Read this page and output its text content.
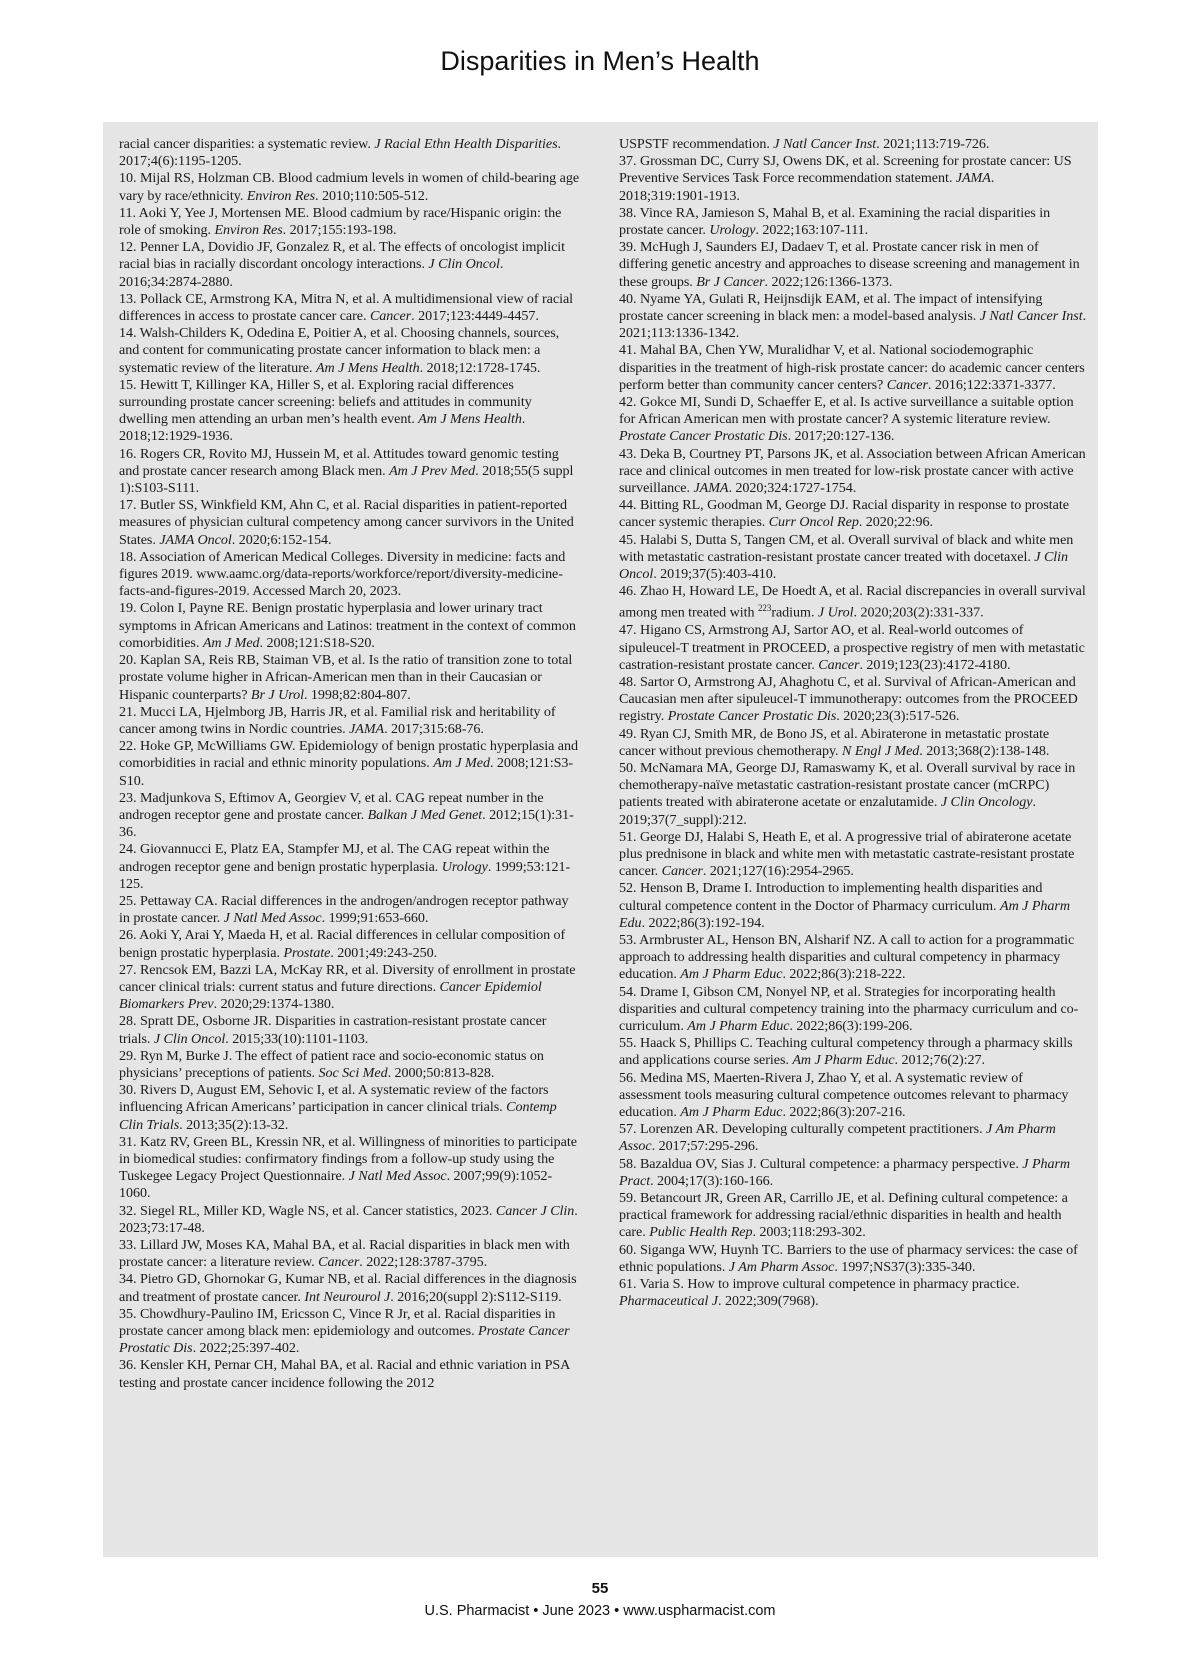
Disparities in Men’s Health

racial cancer disparities: a systematic review. J Racial Ethn Health Disparities. 2017;4(6):1195-1205.

10. Mijal RS, Holzman CB. Blood cadmium levels in women of child-bearing age vary by race/ethnicity. Environ Res. 2010;110:505-512.

11. Aoki Y, Yee J, Mortensen ME. Blood cadmium by race/Hispanic origin: the role of smoking. Environ Res. 2017;155:193-198.

12. Penner LA, Dovidio JF, Gonzalez R, et al. The effects of oncologist implicit racial bias in racially discordant oncology interactions. J Clin Oncol. 2016;34:2874-2880.

13. Pollack CE, Armstrong KA, Mitra N, et al. A multidimensional view of racial differences in access to prostate cancer care. Cancer. 2017;123:4449-4457.

14. Walsh-Childers K, Odedina E, Poitier A, et al. Choosing channels, sources, and content for communicating prostate cancer information to black men: a systematic review of the literature. Am J Mens Health. 2018;12:1728-1745.

15. Hewitt T, Killinger KA, Hiller S, et al. Exploring racial differences surrounding prostate cancer screening: beliefs and attitudes in community dwelling men attending an urban men’s health event. Am J Mens Health. 2018;12:1929-1936.

16. Rogers CR, Rovito MJ, Hussein M, et al. Attitudes toward genomic testing and prostate cancer research among Black men. Am J Prev Med. 2018;55(5 suppl 1):S103-S111.

17. Butler SS, Winkfield KM, Ahn C, et al. Racial disparities in patient-reported measures of physician cultural competency among cancer survivors in the United States. JAMA Oncol. 2020;6:152-154.

18. Association of American Medical Colleges. Diversity in medicine: facts and figures 2019. www.aamc.org/data-reports/workforce/report/diversity-medicine-facts-and-figures-2019. Accessed March 20, 2023.

19. Colon I, Payne RE. Benign prostatic hyperplasia and lower urinary tract symptoms in African Americans and Latinos: treatment in the context of common comorbidities. Am J Med. 2008;121:S18-S20.

20. Kaplan SA, Reis RB, Staiman VB, et al. Is the ratio of transition zone to total prostate volume higher in African-American men than in their Caucasian or Hispanic counterparts? Br J Urol. 1998;82:804-807.

21. Mucci LA, Hjelmborg JB, Harris JR, et al. Familial risk and heritability of cancer among twins in Nordic countries. JAMA. 2017;315:68-76.

22. Hoke GP, McWilliams GW. Epidemiology of benign prostatic hyperplasia and comorbidities in racial and ethnic minority populations. Am J Med. 2008;121:S3-S10.

23. Madjunkova S, Eftimov A, Georgiev V, et al. CAG repeat number in the androgen receptor gene and prostate cancer. Balkan J Med Genet. 2012;15(1):31-36.

24. Giovannucci E, Platz EA, Stampfer MJ, et al. The CAG repeat within the androgen receptor gene and benign prostatic hyperplasia. Urology. 1999;53:121-125.

25. Pettaway CA. Racial differences in the androgen/androgen receptor pathway in prostate cancer. J Natl Med Assoc. 1999;91:653-660.

26. Aoki Y, Arai Y, Maeda H, et al. Racial differences in cellular composition of benign prostatic hyperplasia. Prostate. 2001;49:243-250.

27. Rencsok EM, Bazzi LA, McKay RR, et al. Diversity of enrollment in prostate cancer clinical trials: current status and future directions. Cancer Epidemiol Biomarkers Prev. 2020;29:1374-1380.

28. Spratt DE, Osborne JR. Disparities in castration-resistant prostate cancer trials. J Clin Oncol. 2015;33(10):1101-1103.

29. Ryn M, Burke J. The effect of patient race and socio-economic status on physicians’ preceptions of patients. Soc Sci Med. 2000;50:813-828.

30. Rivers D, August EM, Sehovic I, et al. A systematic review of the factors influencing African Americans’ participation in cancer clinical trials. Contemp Clin Trials. 2013;35(2):13-32.

31. Katz RV, Green BL, Kressin NR, et al. Willingness of minorities to participate in biomedical studies: confirmatory findings from a follow-up study using the Tuskegee Legacy Project Questionnaire. J Natl Med Assoc. 2007;99(9):1052-1060.

32. Siegel RL, Miller KD, Wagle NS, et al. Cancer statistics, 2023. Cancer J Clin. 2023;73:17-48.

33. Lillard JW, Moses KA, Mahal BA, et al. Racial disparities in black men with prostate cancer: a literature review. Cancer. 2022;128:3787-3795.

34. Pietro GD, Ghornokar G, Kumar NB, et al. Racial differences in the diagnosis and treatment of prostate cancer. Int Neurourol J. 2016;20(suppl 2):S112-S119.

35. Chowdhury-Paulino IM, Ericsson C, Vince R Jr, et al. Racial disparities in prostate cancer among black men: epidemiology and outcomes. Prostate Cancer Prostatic Dis. 2022;25:397-402.

36. Kensler KH, Pernar CH, Mahal BA, et al. Racial and ethnic variation in PSA testing and prostate cancer incidence following the 2012

USPSTF recommendation. J Natl Cancer Inst. 2021;113:719-726.

37. Grossman DC, Curry SJ, Owens DK, et al. Screening for prostate cancer: US Preventive Services Task Force recommendation statement. JAMA. 2018;319:1901-1913.

38. Vince RA, Jamieson S, Mahal B, et al. Examining the racial disparities in prostate cancer. Urology. 2022;163:107-111.

39. McHugh J, Saunders EJ, Dadaev T, et al. Prostate cancer risk in men of differing genetic ancestry and approaches to disease screening and management in these groups. Br J Cancer. 2022;126:1366-1373.

40. Nyame YA, Gulati R, Heijnsdijk EAM, et al. The impact of intensifying prostate cancer screening in black men: a model-based analysis. J Natl Cancer Inst. 2021;113:1336-1342.

41. Mahal BA, Chen YW, Muralidhar V, et al. National sociodemographic disparities in the treatment of high-risk prostate cancer: do academic cancer centers perform better than community cancer centers? Cancer. 2016;122:3371-3377.

42. Gokce MI, Sundi D, Schaeffer E, et al. Is active surveillance a suitable option for African American men with prostate cancer? A systemic literature review. Prostate Cancer Prostatic Dis. 2017;20:127-136.

43. Deka B, Courtney PT, Parsons JK, et al. Association between African American race and clinical outcomes in men treated for low-risk prostate cancer with active surveillance. JAMA. 2020;324:1727-1754.

44. Bitting RL, Goodman M, George DJ. Racial disparity in response to prostate cancer systemic therapies. Curr Oncol Rep. 2020;22:96.

45. Halabi S, Dutta S, Tangen CM, et al. Overall survival of black and white men with metastatic castration-resistant prostate cancer treated with docetaxel. J Clin Oncol. 2019;37(5):403-410.

46. Zhao H, Howard LE, De Hoedt A, et al. Racial discrepancies in overall survival among men treated with $^{223}$radium. J Urol. 2020;203(2):331-337.

47. Higano CS, Armstrong AJ, Sartor AO, et al. Real-world outcomes of sipuleucel-T treatment in PROCEED, a prospective registry of men with metastatic castration-resistant prostate cancer. Cancer. 2019;123(23):4172-4180.

48. Sartor O, Armstrong AJ, Ahaghotu C, et al. Survival of African-American and Caucasian men after sipuleucel-T immunotherapy: outcomes from the PROCEED registry. Prostate Cancer Prostatic Dis. 2020;23(3):517-526.

49. Ryan CJ, Smith MR, de Bono JS, et al. Abiraterone in metastatic prostate cancer without previous chemotherapy. N Engl J Med. 2013;368(2):138-148.

50. McNamara MA, George DJ, Ramaswamy K, et al. Overall survival by race in chemotherapy-naïve metastatic castration-resistant prostate cancer (mCRPC) patients treated with abiraterone acetate or enzalutamide. J Clin Oncology. 2019;37(7_suppl):212.

51. George DJ, Halabi S, Heath E, et al. A progressive trial of abiraterone acetate plus prednisone in black and white men with metastatic castrate-resistant prostate cancer. Cancer. 2021;127(16):2954-2965.

52. Henson B, Drame I. Introduction to implementing health disparities and cultural competence content in the Doctor of Pharmacy curriculum. Am J Pharm Edu. 2022;86(3):192-194.

53. Armbruster AL, Henson BN, Alsharif NZ. A call to action for a programmatic approach to addressing health disparities and cultural competency in pharmacy education. Am J Pharm Educ. 2022;86(3):218-222.

54. Drame I, Gibson CM, Nonyel NP, et al. Strategies for incorporating health disparities and cultural competency training into the pharmacy curriculum and co-curriculum. Am J Pharm Educ. 2022;86(3):199-206.

55. Haack S, Phillips C. Teaching cultural competency through a pharmacy skills and applications course series. Am J Pharm Educ. 2012;76(2):27.

56. Medina MS, Maerten-Rivera J, Zhao Y, et al. A systematic review of assessment tools measuring cultural competence outcomes relevant to pharmacy education. Am J Pharm Educ. 2022;86(3):207-216.

57. Lorenzen AR. Developing culturally competent practitioners. J Am Pharm Assoc. 2017;57:295-296.

58. Bazaldua OV, Sias J. Cultural competence: a pharmacy perspective. J Pharm Pract. 2004;17(3):160-166.

59. Betancourt JR, Green AR, Carrillo JE, et al. Defining cultural competence: a practical framework for addressing racial/ethnic disparities in health and health care. Public Health Rep. 2003;118:293-302.

60. Siganga WW, Huynh TC. Barriers to the use of pharmacy services: the case of ethnic populations. J Am Pharm Assoc. 1997;NS37(3):335-340.

61. Varia S. How to improve cultural competence in pharmacy practice. Pharmaceutical J. 2022;309(7968).

55
U.S. Pharmacist • June 2023 • www.uspharmacist.com
